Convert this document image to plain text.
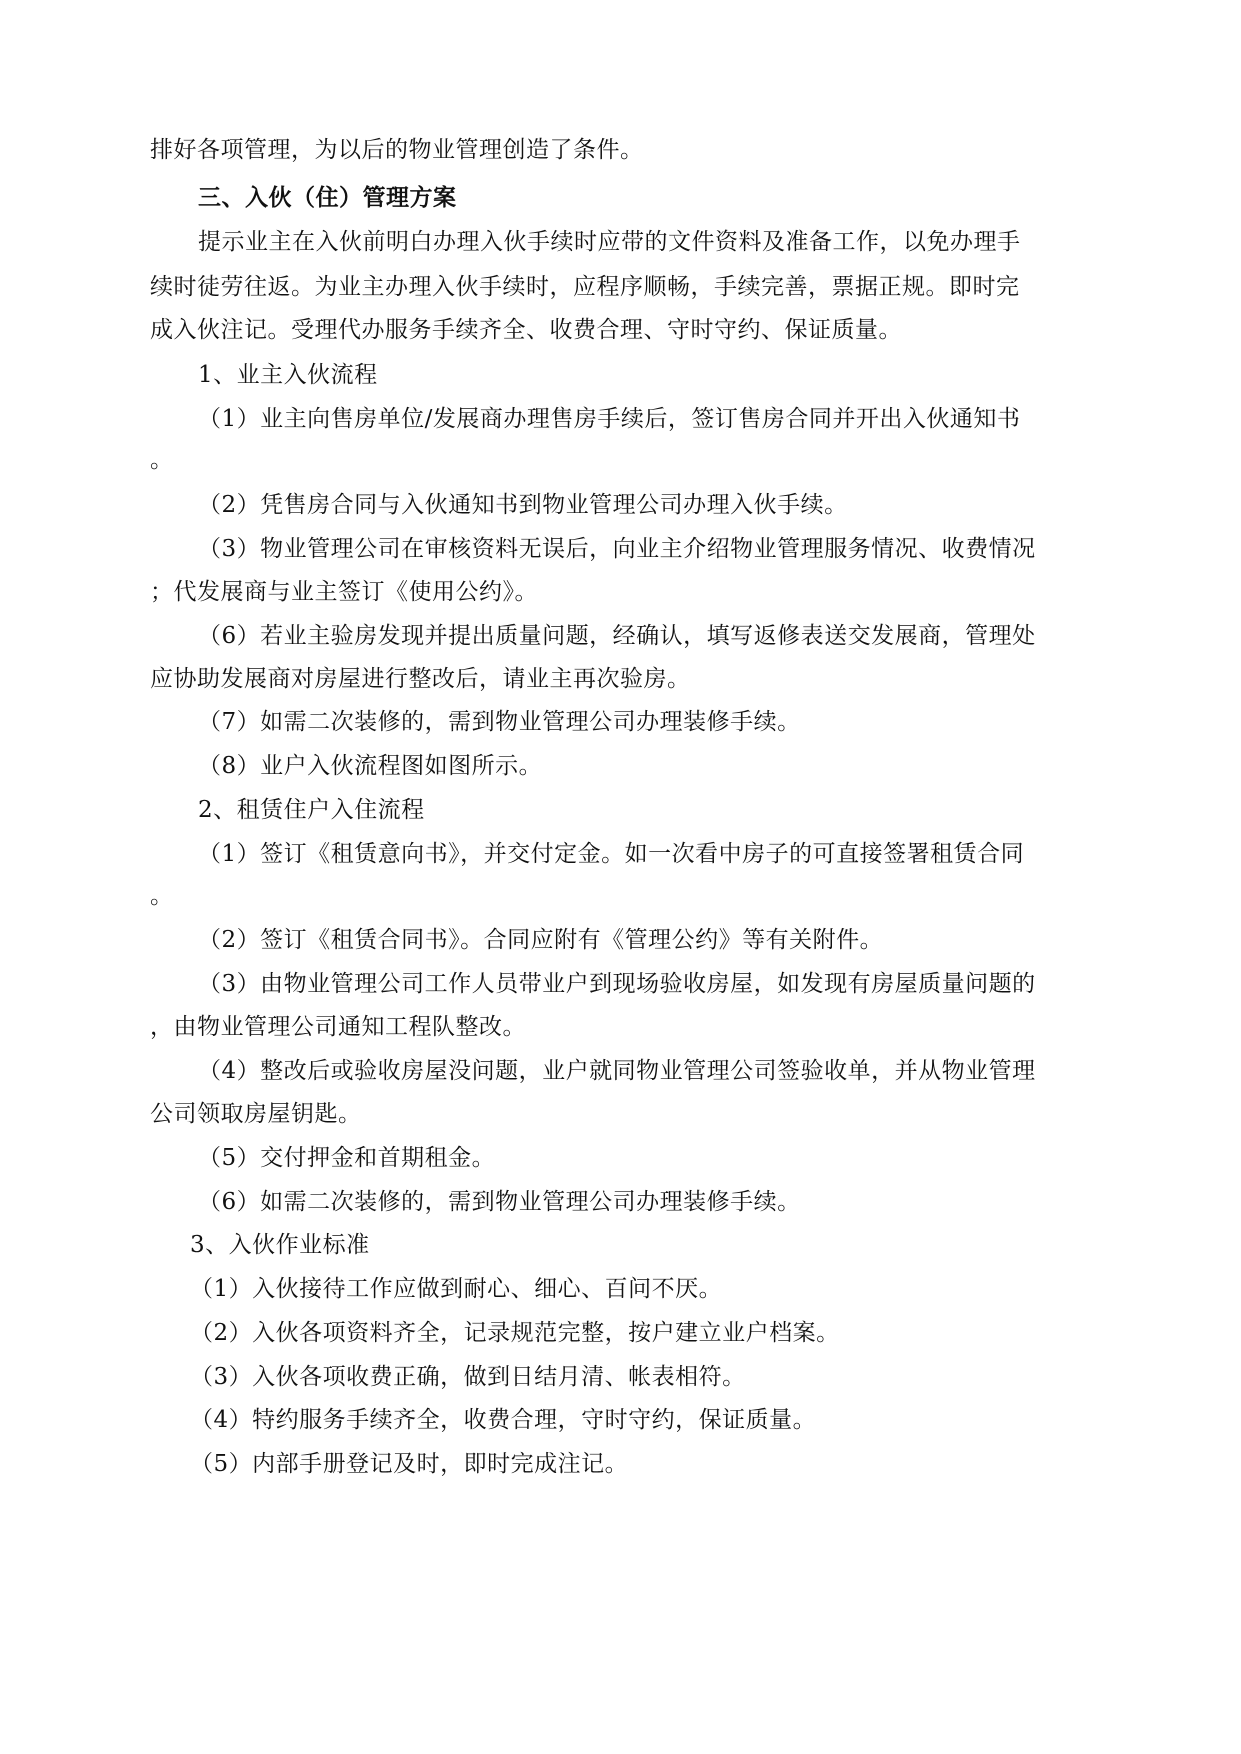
排好各项管理，为以后的物业管理创造了条件。
三、入伙（住）管理方案
提示业主在入伙前明白办理入伙手续时应带的文件资料及准备工作，以免办理手
续时徒劳往返。为业主办理入伙手续时，应程序顺畅，手续完善，票据正规。即时完
成入伙注记。受理代办服务手续齐全、收费合理、守时守约、保证质量。
1、业主入伙流程
（1）业主向售房单位/发展商办理售房手续后，签订售房合同并开出入伙通知书
。
（2）凭售房合同与入伙通知书到物业管理公司办理入伙手续。
（3）物业管理公司在审核资料无误后，向业主介绍物业管理服务情况、收费情况
；代发展商与业主签订《使用公约》。
（6）若业主验房发现并提出质量问题，经确认，填写返修表送交发展商，管理处
应协助发展商对房屋进行整改后，请业主再次验房。
（7）如需二次装修的，需到物业管理公司办理装修手续。
（8）业户入伙流程图如图所示。
2、租赁住户入住流程
（1）签订《租赁意向书》，并交付定金。如一次看中房子的可直接签署租赁合同
。
（2）签订《租赁合同书》。合同应附有《管理公约》等有关附件。
（3）由物业管理公司工作人员带业户到现场验收房屋，如发现有房屋质量问题的
，由物业管理公司通知工程队整改。
（4）整改后或验收房屋没问题，业户就同物业管理公司签验收单，并从物业管理
公司领取房屋钥匙。
（5）交付押金和首期租金。
（6）如需二次装修的，需到物业管理公司办理装修手续。
3、入伙作业标准
（1）入伙接待工作应做到耐心、细心、百问不厌。
（2）入伙各项资料齐全，记录规范完整，按户建立业户档案。
（3）入伙各项收费正确，做到日结月清、帐表相符。
（4）特约服务手续齐全，收费合理，守时守约，保证质量。
（5）内部手册登记及时，即时完成注记。
